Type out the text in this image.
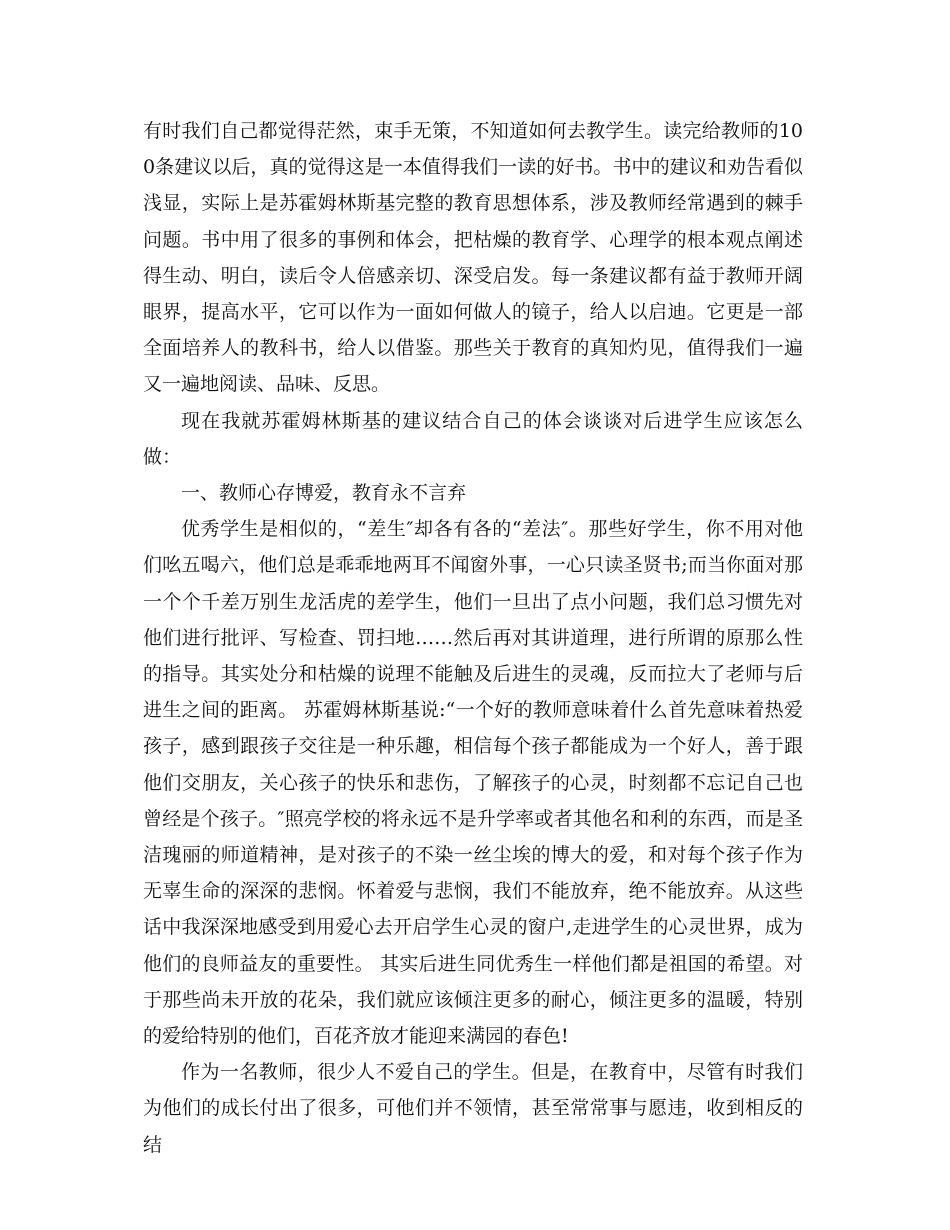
有时我们自己都觉得茫然，束手无策，不知道如何去教学生。读完给教师的100条建议以后，真的觉得这是一本值得我们一读的好书。书中的建议和劝告看似浅显，实际上是苏霍姆林斯基完整的教育思想体系，涉及教师经常遇到的棘手问题。书中用了很多的事例和体会，把枯燥的教育学、心理学的根本观点阐述得生动、明白，读后令人倍感亲切、深受启发。每一条建议都有益于教师开阔眼界，提高水平，它可以作为一面如何做人的镜子，给人以启迪。它更是一部全面培养人的教科书，给人以借鉴。那些关于教育的真知灼见，值得我们一遍又一遍地阅读、品味、反思。

现在我就苏霍姆林斯基的建议结合自己的体会谈谈对后进学生应该怎么做：

一、教师心存博爱，教育永不言弃

优秀学生是相似的，“差生″却各有各的“差法″。那些好学生，你不用对他们吆五喝六，他们总是乖乖地两耳不闻窗外事，一心只读圣贤书;而当你面对那一个个千差万别生龙活虎的差学生，他们一旦出了点小问题，我们总习惯先对他们进行批评、写检查、罚扫地……然后再对其讲道理，进行所谓的原那么性的指导。其实处分和枯燥的说理不能触及后进生的灵魂，反而拉大了老师与后进生之间的距离。 苏霍姆林斯基说:“一个好的教师意味着什么首先意味着热爱孩子，感到跟孩子交往是一种乐趣，相信每个孩子都能成为一个好人，善于跟他们交朋友，关心孩子的快乐和悲伤，了解孩子的心灵，时刻都不忘记自己也曾经是个孩子。″照亮学校的将永远不是升学率或者其他名和利的东西，而是圣洁瑰丽的师道精神，是对孩子的不染一丝尘埃的博大的爱，和对每个孩子作为无辜生命的深深的悲悯。怀着爱与悲悯，我们不能放弃，绝不能放弃。从这些话中我深深地感受到用爱心去开启学生心灵的窗户,走进学生的心灵世界，成为他们的良师益友的重要性。 其实后进生同优秀生一样他们都是祖国的希望。对于那些尚未开放的花朵，我们就应该倾注更多的耐心，倾注更多的温暖，特别的爱给特别的他们，百花齐放才能迎来满园的春色!

作为一名教师，很少人不爱自己的学生。但是，在教育中，尽管有时我们为他们的成长付出了很多，可他们并不领情，甚至常常事与愿违，收到相反的结
